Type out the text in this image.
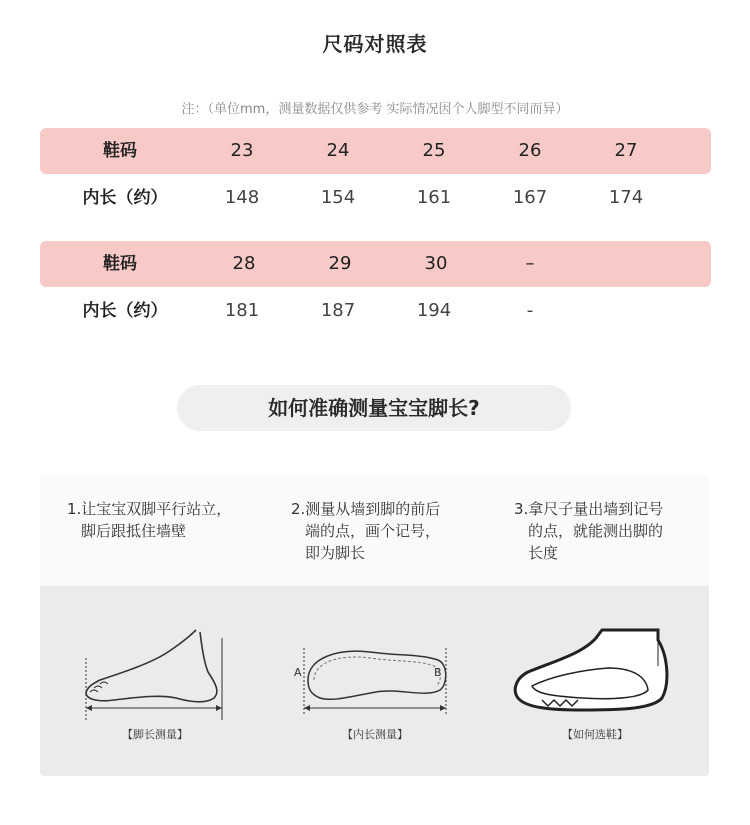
尺码对照表
注：（单位mm，测量数据仅供参考 实际情况因个人脚型不同而异）
鞋码	23	24	25	26	27
内长（约）	148	154	161	167	174
鞋码	28	29	30	–
内长（约）	181	187	194	-
如何准确测量宝宝脚长?
1.让宝宝双脚平行站立，
脚后跟抵住墙壁
2.测量从墙到脚的前后
端的点，画个记号，
即为脚长
3.拿尺子量出墙到记号
的点，就能测出脚的
长度
A	B
【脚长测量】	【内长测量】	【如何选鞋】
